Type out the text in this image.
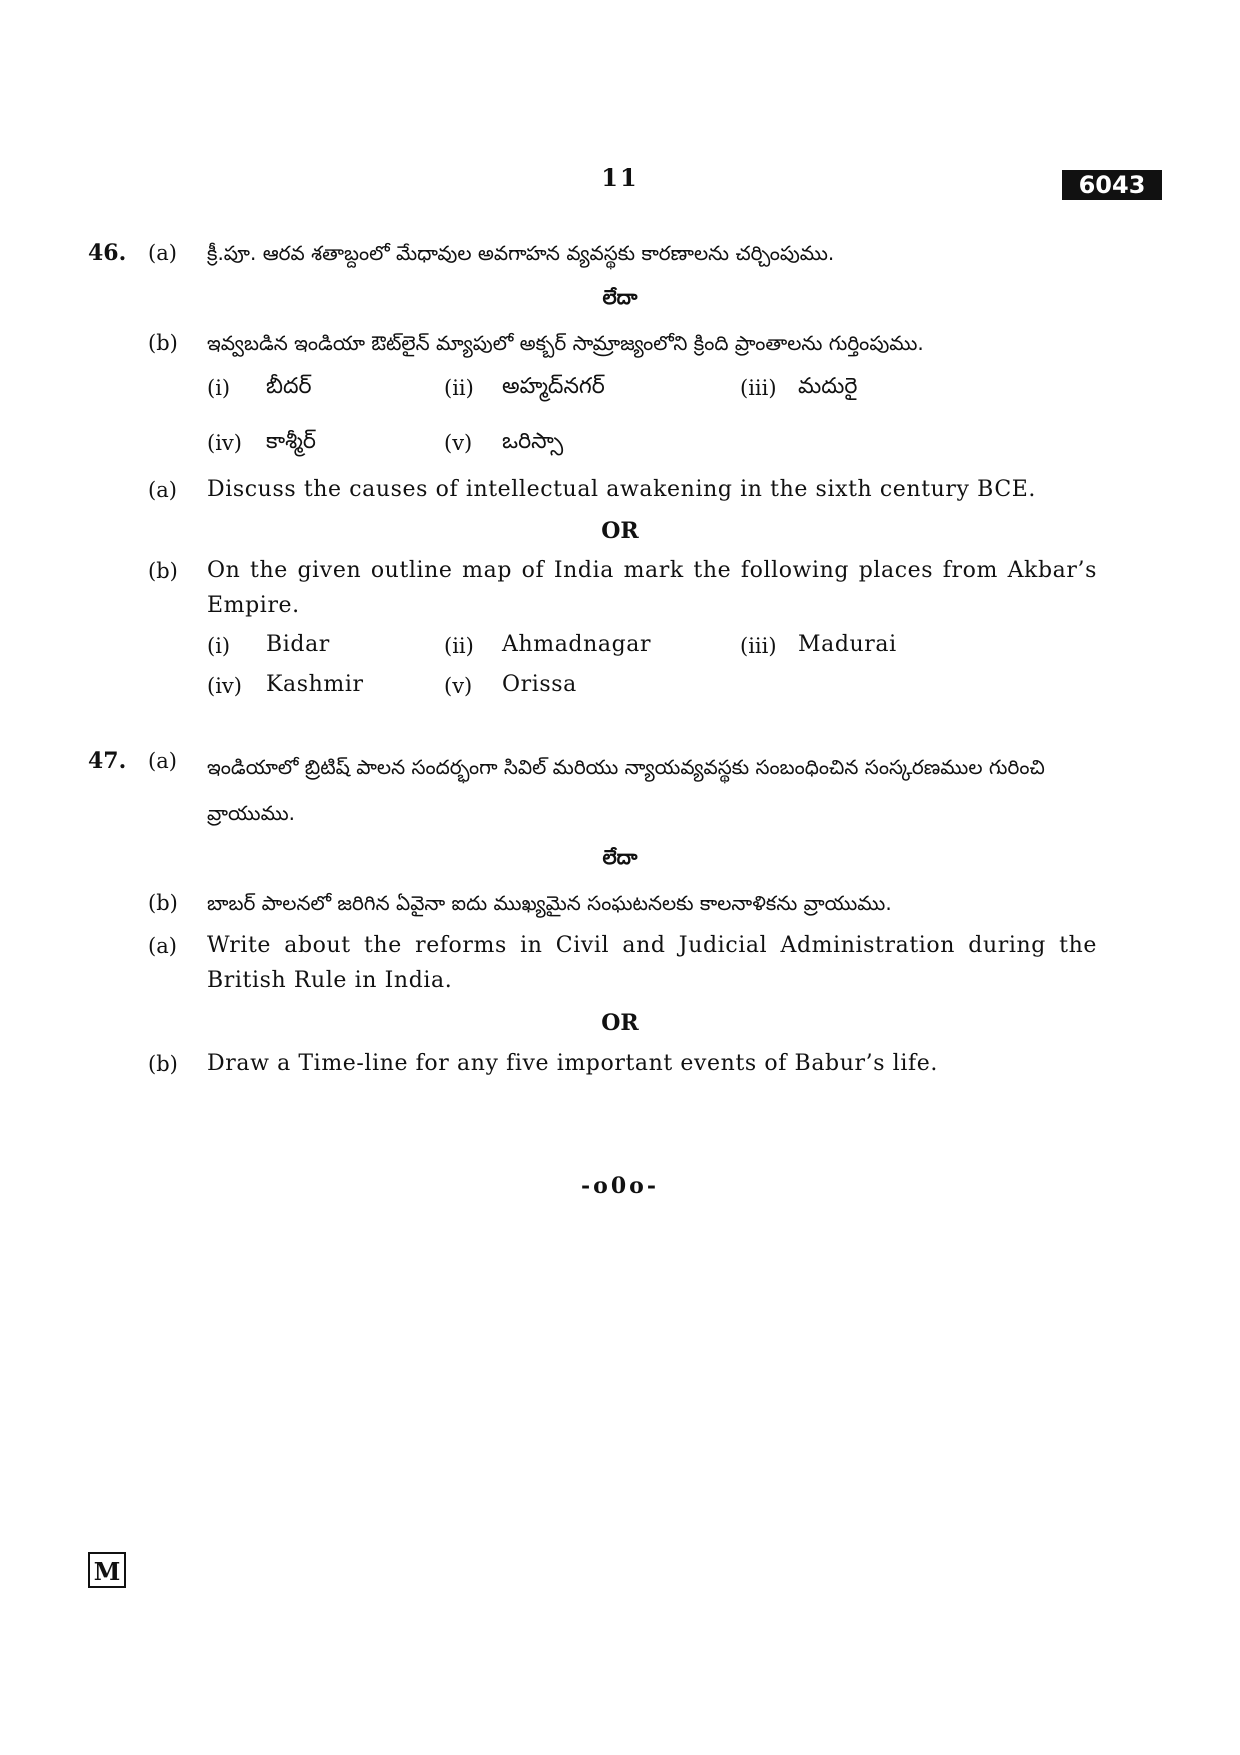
11	6043
46. (a) క్రీ.పూ. ఆరవ శతాబ్దంలో మేధావుల అవగాహన వ్యవస్థకు కారణాలను చర్చింపుము.
లేదా
(b) ఇవ్వబడిన ఇండియా ఔట్‌లైన్ మ్యాపులో అక్బర్ సామ్రాజ్యంలోని క్రింది ప్రాంతాలను గుర్తింపుము.
(i) బీదర్	(ii) అహ్మద్‌నగర్	(iii) మదురై
(iv) కాశ్మీర్	(v) ఒరిస్సా
(a) Discuss the causes of intellectual awakening in the sixth century BCE.
OR
(b) On the given outline map of India mark the following places from Akbar’s Empire.
(i) Bidar	(ii) Ahmadnagar	(iii) Madurai
(iv) Kashmir	(v) Orissa
47. (a) ఇండియాలో బ్రిటిష్ పాలన సందర్భంగా సివిల్ మరియు న్యాయవ్యవస్థకు సంబంధించిన సంస్కరణముల గురించి వ్రాయుము.
లేదా
(b) బాబర్ పాలనలో జరిగిన ఏవైనా ఐదు ముఖ్యమైన సంఘటనలకు కాలనాళికను వ్రాయుము.
(a) Write about the reforms in Civil and Judicial Administration during the British Rule in India.
OR
(b) Draw a Time-line for any five important events of Babur’s life.
-o0o-
M
